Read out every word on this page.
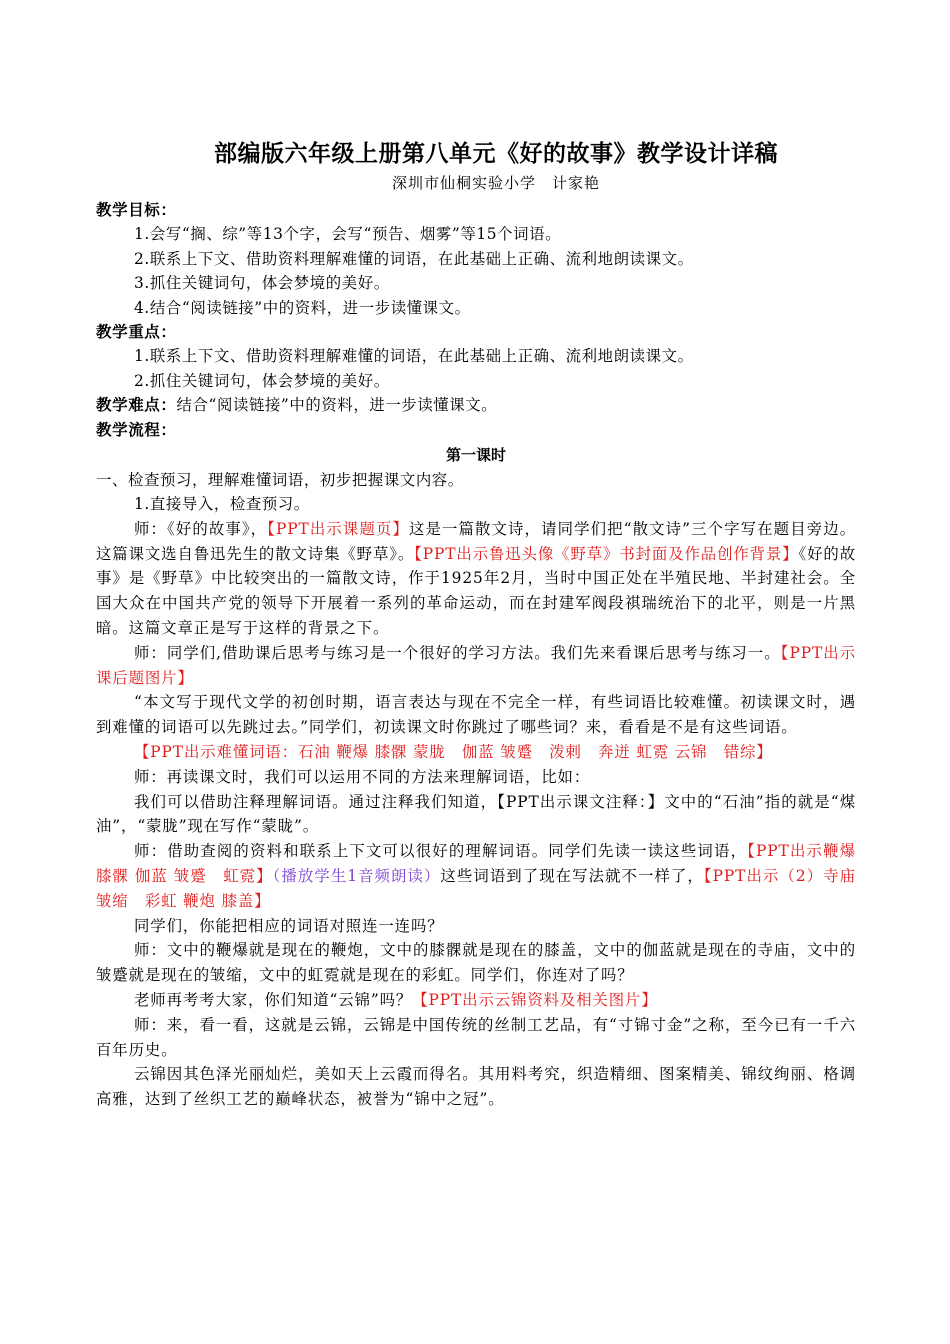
部编版六年级上册第八单元《好的故事》教学设计详稿
深圳市仙桐实验小学　计家艳
教学目标：
1.会写“搁、综”等13个字，会写“预告、烟雾”等15个词语。
2.联系上下文、借助资料理解难懂的词语，在此基础上正确、流利地朗读课文。
3.抓住关键词句，体会梦境的美好。
4.结合“阅读链接”中的资料，进一步读懂课文。
教学重点：
1.联系上下文、借助资料理解难懂的词语，在此基础上正确、流利地朗读课文。
2.抓住关键词句，体会梦境的美好。
教学难点：结合“阅读链接”中的资料，进一步读懂课文。
教学流程：
第一课时
一、检查预习，理解难懂词语，初步把握课文内容。
1.直接导入，检查预习。

师：《好的故事》，【PPT出示课题页】这是一篇散文诗，请同学们把“散文诗”三个字写在题目旁边。这篇课文选自鲁迅先生的散文诗集《野草》。【PPT出示鲁迅头像《野草》书封面及作品创作背景】《好的故事》是《野草》中比较突出的一篇散文诗，作于1925年2月，当时中国正处在半殖民地、半封建社会。全国大众在中国共产党的领导下开展着一系列的革命运动，而在封建军阀段祺瑞统治下的北平，则是一片黑暗。这篇文章正是写于这样的背景之下。

师：同学们,借助课后思考与练习是一个很好的学习方法。我们先来看课后思考与练习一。【PPT出示课后题图片】

“本文写于现代文学的初创时期，语言表达与现在不完全一样，有些词语比较难懂。初读课文时，遇到难懂的词语可以先跳过去。”同学们，初读课文时你跳过了哪些词？来，看看是不是有这些词语。

【PPT出示难懂词语：石油 鞭爆 膝髁 蒙胧　伽蓝 皱蹙　泼剌　奔迸 虹霓 云锦　错综】

师：再读课文时，我们可以运用不同的方法来理解词语，比如：

我们可以借助注释理解词语。通过注释我们知道，【PPT出示课文注释：】文中的“石油”指的就是“煤油”，“蒙胧”现在写作“蒙眬”。

师：借助查阅的资料和联系上下文可以很好的理解词语。同学们先读一读这些词语，【PPT出示鞭爆 膝髁 伽蓝 皱蹙　虹霓】（播放学生1音频朗读）这些词语到了现在写法就不一样了，【PPT出示（2）寺庙 皱缩　彩虹 鞭炮 膝盖】

同学们，你能把相应的词语对照连一连吗？

师：文中的鞭爆就是现在的鞭炮，文中的膝髁就是现在的膝盖，文中的伽蓝就是现在的寺庙，文中的皱蹙就是现在的皱缩，文中的虹霓就是现在的彩虹。同学们，你连对了吗？

老师再考考大家，你们知道“云锦”吗？【PPT出示云锦资料及相关图片】

师：来，看一看，这就是云锦，云锦是中国传统的丝制工艺品，有“寸锦寸金”之称，至今已有一千六百年历史。

云锦因其色泽光丽灿烂，美如天上云霞而得名。其用料考究，织造精细、图案精美、锦纹绚丽、格调高雅，达到了丝织工艺的巅峰状态，被誉为“锦中之冠”。
